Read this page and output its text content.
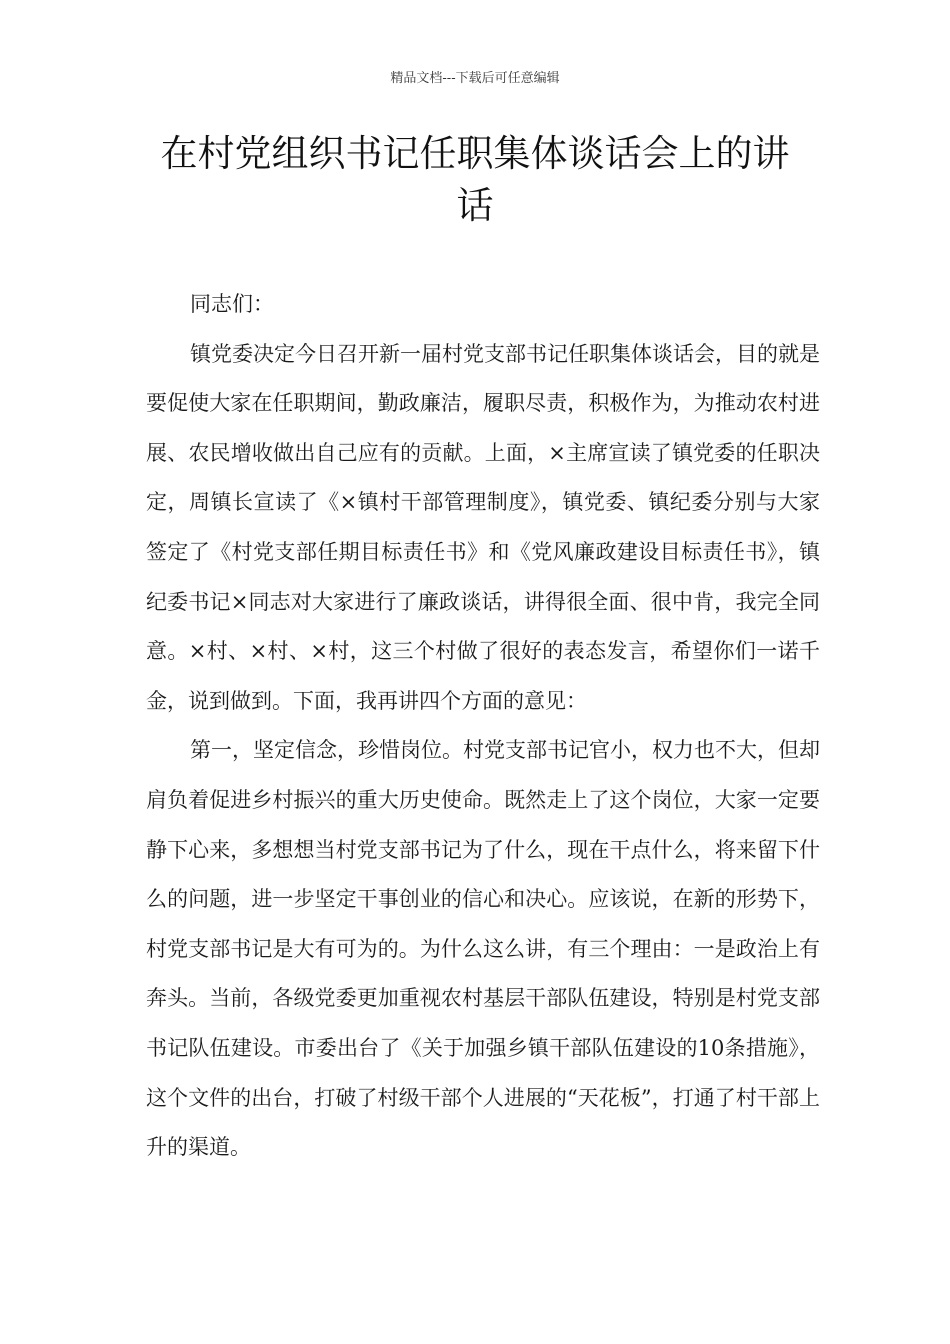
精品文档---下载后可任意编辑
在村党组织书记任职集体谈话会上的讲
话

同志们：

镇党委决定今日召开新一届村党支部书记任职集体谈话会，目的就是要促使大家在任职期间，勤政廉洁，履职尽责，积极作为，为推动农村进展、农民增收做出自己应有的贡献。上面，×主席宣读了镇党委的任职决定，周镇长宣读了《×镇村干部管理制度》，镇党委、镇纪委分别与大家签定了《村党支部任期目标责任书》和《党风廉政建设目标责任书》，镇纪委书记×同志对大家进行了廉政谈话，讲得很全面、很中肯，我完全同意。×村、×村、×村，这三个村做了很好的表态发言，希望你们一诺千金，说到做到。下面，我再讲四个方面的意见：

第一，坚定信念，珍惜岗位。村党支部书记官小，权力也不大，但却肩负着促进乡村振兴的重大历史使命。既然走上了这个岗位，大家一定要静下心来，多想想当村党支部书记为了什么，现在干点什么，将来留下什么的问题，进一步坚定干事创业的信心和决心。应该说，在新的形势下，村党支部书记是大有可为的。为什么这么讲，有三个理由：一是政治上有奔头。当前，各级党委更加重视农村基层干部队伍建设，特别是村党支部书记队伍建设。市委出台了《关于加强乡镇干部队伍建设的10条措施》，这个文件的出台，打破了村级干部个人进展的“天花板”，打通了村干部上升的渠道。
